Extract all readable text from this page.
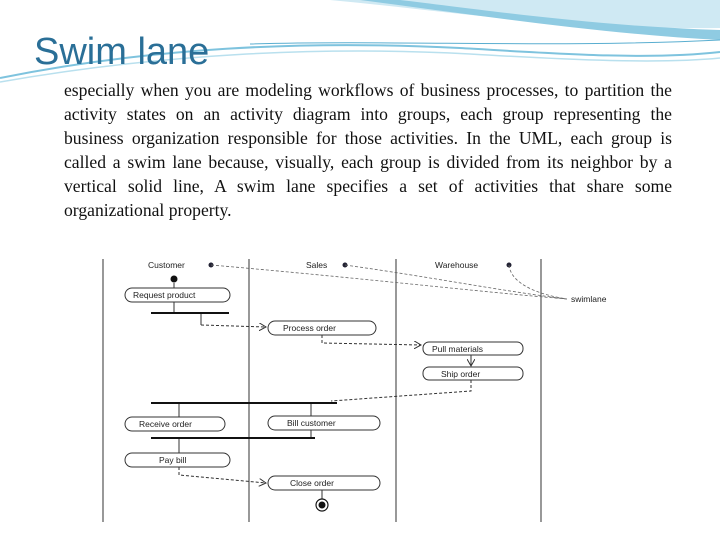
Swim lane
especially when you are modeling workflows of business processes, to partition the activity states on an activity diagram into groups, each group representing the business organization responsible for those activities. In the UML, each group is called a swim lane because, visually, each group is divided from its neighbor by a vertical solid line, A swim lane specifies a set of activities that share some organizational property.
Customer	Sales	Warehouse
swimlane
Request product
Process order
Pull materials
Ship order
Receive order	Bill customer
Pay bill
Close order
